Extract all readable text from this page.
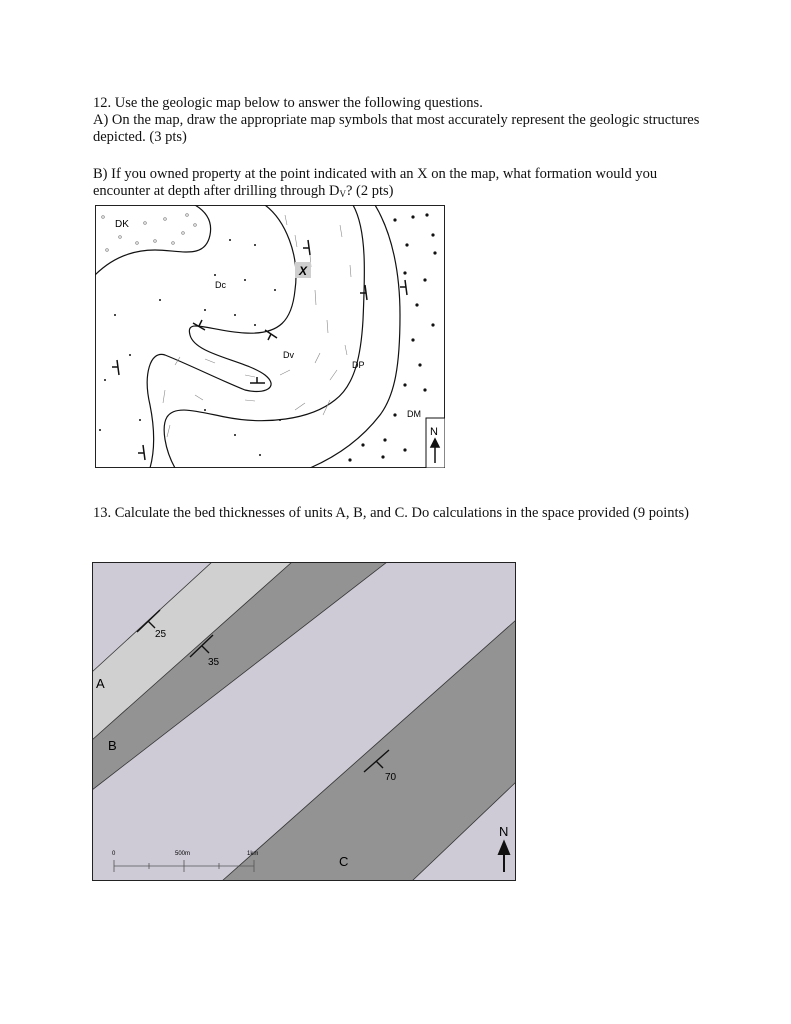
12. Use the geologic map below to answer the following questions.

A) On the map, draw the appropriate map symbols that most accurately represent the geologic structures depicted. (3 pts)

B) If you owned property at the point indicated with an X on the map, what formation would you encounter at depth after drilling through $D_V$? (2 pts)

X
DK
Dc
Dv
DP
DM
N

13. Calculate the bed thicknesses of units A, B, and C. Do calculations in the space provided (9 points)

25
35
70
A
B
C
N
0	500m	1km
